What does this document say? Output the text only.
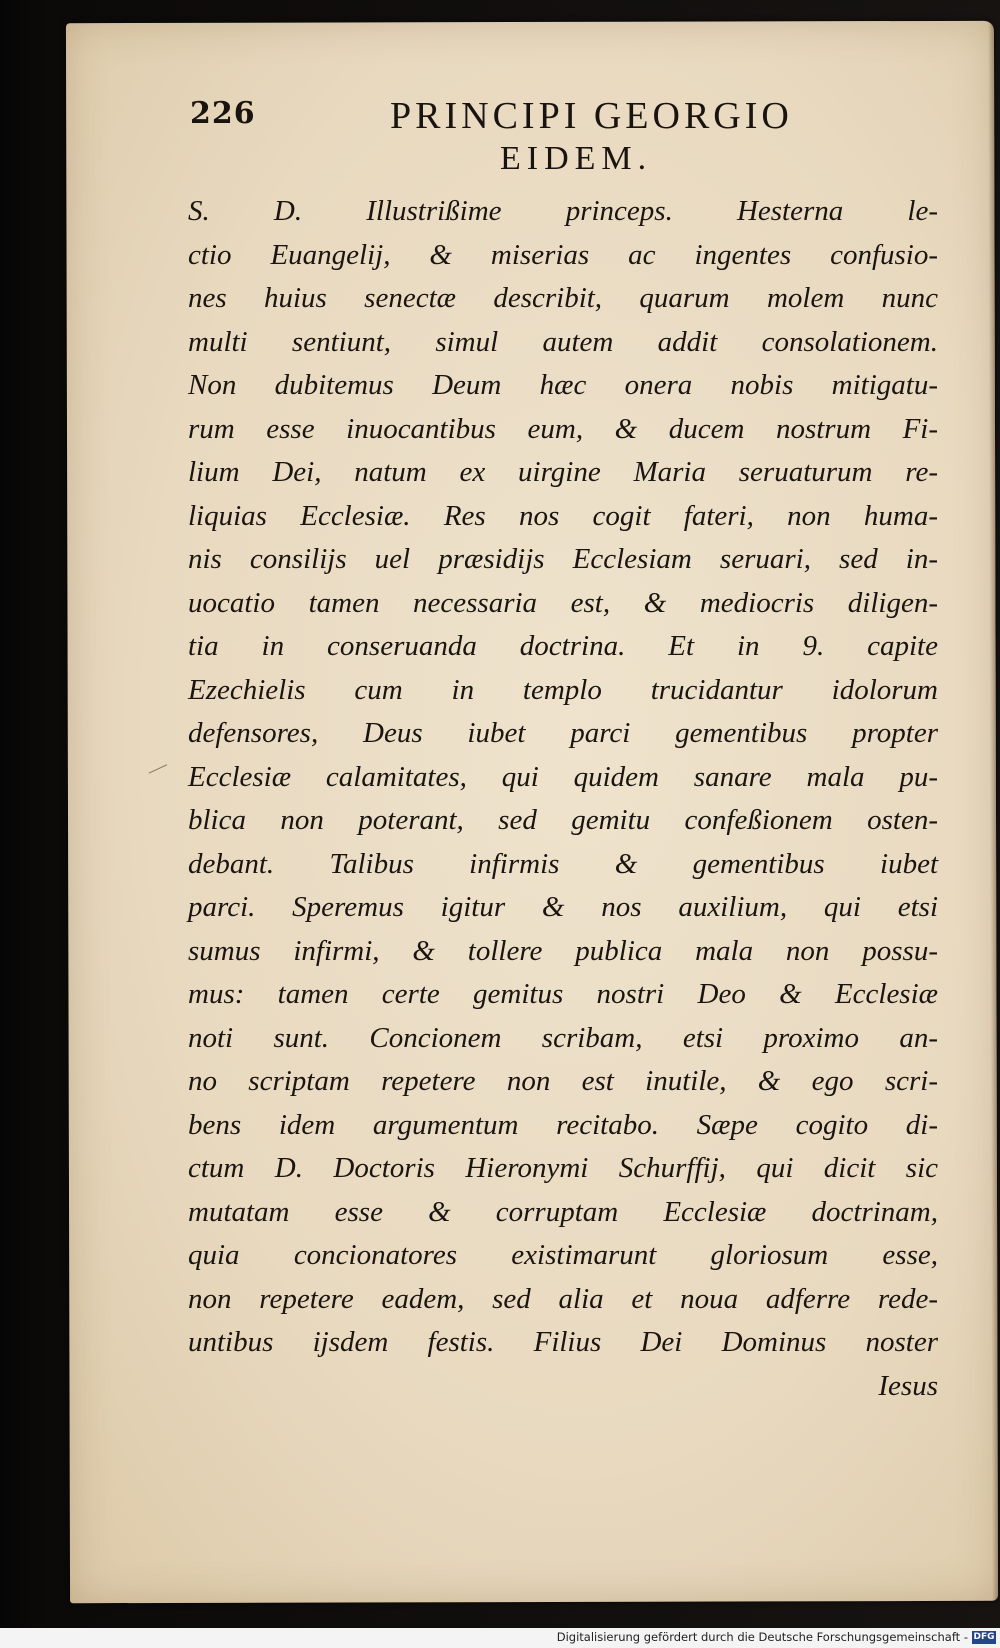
226	PRINCIPI GEORGIO
EIDEM.
S. D. Illustrißime princeps. Hesterna le-
ctio Euangelij, & miserias ac ingentes confusio-
nes huius senectæ describit, quarum molem nunc
multi sentiunt, simul autem addit consolationem.
Non dubitemus Deum hæc onera nobis mitigatu-
rum esse inuocantibus eum, & ducem nostrum Fi-
lium Dei, natum ex uirgine Maria seruaturum re-
liquias Ecclesiæ. Res nos cogit fateri, non huma-
nis consilijs uel præsidijs Ecclesiam seruari, sed in-
uocatio tamen necessaria est, & mediocris diligen-
tia in conseruanda doctrina. Et in 9. capite
Ezechielis cum in templo trucidantur idolorum
defensores, Deus iubet parci gementibus propter
Ecclesiæ calamitates, qui quidem sanare mala pu-
blica non poterant, sed gemitu confeßionem osten-
debant. Talibus infirmis & gementibus iubet
parci. Speremus igitur & nos auxilium, qui etsi
sumus infirmi, & tollere publica mala non possu-
mus: tamen certe gemitus nostri Deo & Ecclesiæ
noti sunt. Concionem scribam, etsi proximo an-
no scriptam repetere non est inutile, & ego scri-
bens idem argumentum recitabo. Sæpe cogito di-
ctum D. Doctoris Hieronymi Schurffij, qui dicit sic
mutatam esse & corruptam Ecclesiæ doctrinam,
quia concionatores existimarunt gloriosum esse,
non repetere eadem, sed alia et noua adferre rede-
untibus ijsdem festis. Filius Dei Dominus noster
Iesus
Digitalisierung gefördert durch die Deutsche Forschungsgemeinschaft - DFG
